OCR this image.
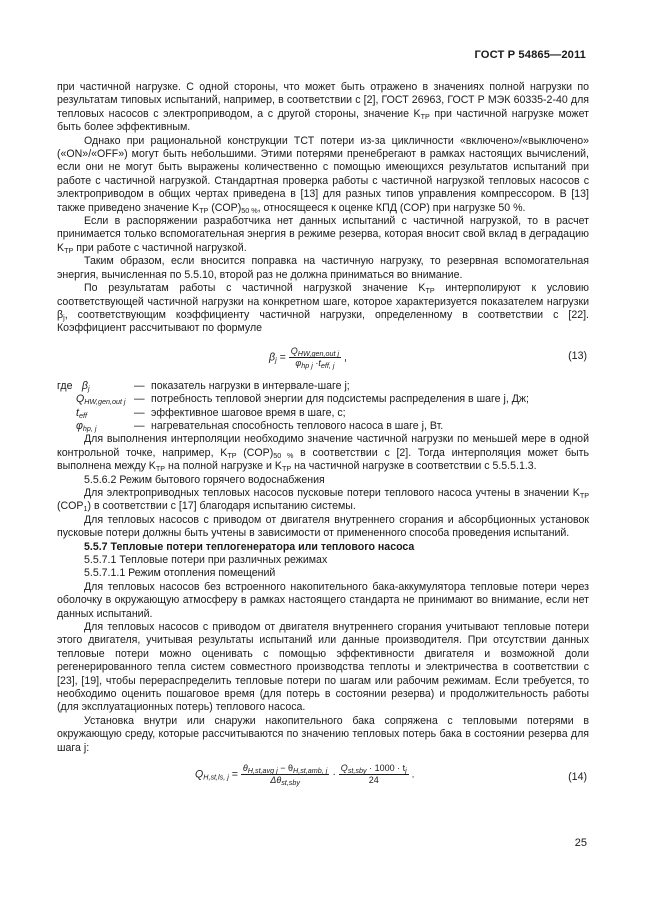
ГОСТ Р 54865—2011

при частичной нагрузке. С одной стороны, что может быть отражено в значениях полной нагрузки по результатам типовых испытаний, например, в соответствии с [2], ГОСТ 26963, ГОСТ Р МЭК 60335-2-40 для тепловых насосов с электроприводом, а с другой стороны, значение $K_{ТР}$ при частичной нагрузке может быть более эффективным.

Однако при рациональной конструкции ТСТ потери из-за цикличности «включено»/«выключено» («ON»/«OFF») могут быть небольшими. Этими потерями пренебрегают в рамках настоящих вычислений, если они не могут быть выражены количественно с помощью имеющихся результатов испытаний при работе с частичной нагрузкой. Стандартная проверка работы с частичной нагрузкой тепловых насосов с электроприводом в общих чертах приведена в [13] для разных типов управления компрессором. В [13] также приведено значение $K_{ТР}$ $(COP)_{50 \%}$, относящееся к оценке КПД (COP) при нагрузке 50 %.

Если в распоряжении разработчика нет данных испытаний с частичной нагрузкой, то в расчет принимается только вспомогательная энергия в режиме резерва, которая вносит свой вклад в деградацию $K_{ТР}$ при работе с частичной нагрузкой.

Таким образом, если вносится поправка на частичную нагрузку, то резервная вспомогательная энергия, вычисленная по 5.5.10, второй раз не должна приниматься во внимание.

По результатам работы с частичной нагрузкой значение $K_{ТР}$ интерполируют к условию соответствующей частичной нагрузки на конкретном шаге, которое характеризуется показателем нагрузки $\beta_j$, соответствующим коэффициенту частичной нагрузки, определенному в соответствии с [22]. Коэффициент рассчитывают по формуле

$\beta_j = \frac{Q_{HW,gen,out j}}{\varphi_{hp j} \cdot t_{eff, j}}$ ,	(13)
где $\beta_j$	— показатель нагрузки в интервале-шаге j;
$Q_{HW,gen,out j}$ — потребность тепловой энергии для подсистемы распределения в шаге j, Дж;
$t_{eff}$	— эффективное шаговое время в шаге, с;
$\varphi_{hp, j}$	— нагревательная способность теплового насоса в шаге j, Вт.

Для выполнения интерполяции необходимо значение частичной нагрузки по меньшей мере в одной контрольной точке, например, $K_{ТР}$ $(COP)_{50 \%}$ в соответствии с [2]. Тогда интерполяция может быть выполнена между $K_{ТР}$ на полной нагрузке и $K_{ТР}$ на частичной нагрузке в соответствии с 5.5.5.1.3.

5.5.6.2 Режим бытового горячего водоснабжения

Для электроприводных тепловых насосов пусковые потери теплового насоса учтены в значении $K_{ТР}$ $(COP_1)$ в соответствии с [17] благодаря испытанию системы.

Для тепловых насосов с приводом от двигателя внутреннего сгорания и абсорбционных установок пусковые потери должны быть учтены в зависимости от примененного способа проведения испытаний.

5.5.7 Тепловые потери теплогенератора или теплового насоса

5.5.7.1 Тепловые потери при различных режимах

5.5.7.1.1 Режим отопления помещений

Для тепловых насосов без встроенного накопительного бака-аккумулятора тепловые потери через оболочку в окружающую атмосферу в рамках настоящего стандарта не принимают во внимание, если нет данных испытаний.

Для тепловых насосов с приводом от двигателя внутреннего сгорания учитывают тепловые потери этого двигателя, учитывая результаты испытаний или данные производителя. При отсутствии данных тепловые потери можно оценивать с помощью эффективности двигателя и возможной доли регенерированного тепла систем совместного производства теплоты и электричества в соответствии с [23], [19], чтобы перераспределить тепловые потери по шагам или рабочим режимам. Если требуется, то необходимо оценить пошаговое время (для потерь в состоянии резерва) и продолжительность работы (для эксплуатационных потерь) теплового насоса.

Установка внутри или снаружи накопительного бака сопряжена с тепловыми потерями в окружающую среду, которые рассчитываются по значению тепловых потерь бака в состоянии резерва для шага j:

$Q_{H,st,ls, j} = \frac{\theta_{H,st,avg j} - \theta_{H,st,amb, j}}{\Delta\theta_{st,sby}} \cdot \frac{Q_{st,sby} \cdot 1000 \cdot t_j}{24}$ .	(14)
25
